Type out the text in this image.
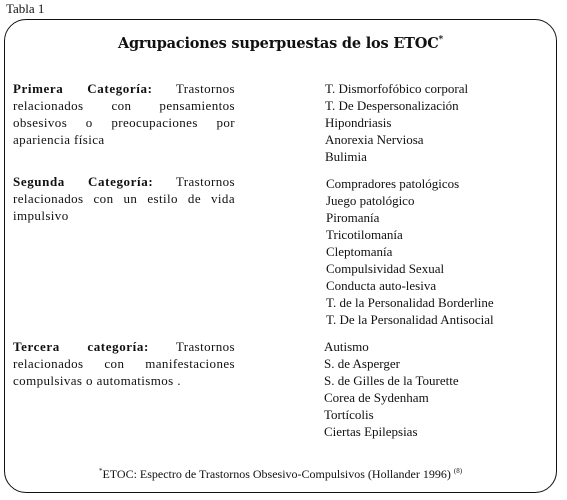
Tabla 1
Agrupaciones superpuestas de los ETOC*
Primera Categoría: Trastornos relacionados con pensamientos obsesivos o preocupaciones por apariencia física
T. Dismorfofóbico corporal
T. De Despersonalización
Hipondriasis
Anorexia Nerviosa
Bulimia
Segunda Categoría: Trastornos relacionados con un estilo de vida impulsivo
Compradores patológicos
Juego patológico
Piromanía
Tricotilomanía
Cleptomanía
Compulsividad Sexual
Conducta auto-lesiva
T. de la Personalidad Borderline
T. De la Personalidad Antisocial
Tercera categoría: Trastornos relacionados con manifestaciones compulsivas o automatismos .
Autismo
S. de Asperger
S. de Gilles de la Tourette
Corea de Sydenham
Tortícolis
Ciertas Epilepsias
*ETOC: Espectro de Trastornos Obsesivo-Compulsivos (Hollander 1996) $^{(8)}$
